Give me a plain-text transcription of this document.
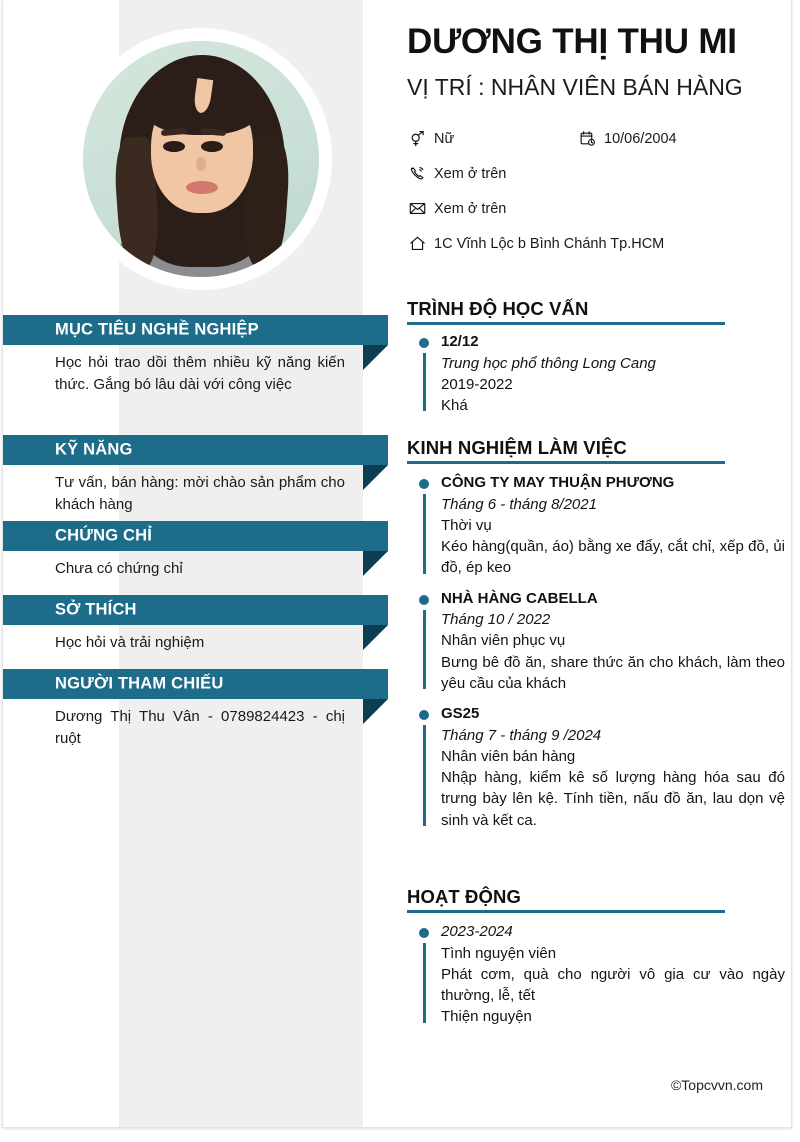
DƯƠNG THỊ THU MI
VỊ TRÍ : NHÂN VIÊN BÁN HÀNG
Nữ	10/06/2004
Xem ở trên
Xem ở trên
1C Vĩnh Lộc b Bình Chánh Tp.HCM
MỤC TIÊU NGHỀ NGHIỆP
Học hỏi trao dồi thêm nhiều kỹ năng kiến thức. Gắng bó lâu dài với công việc
KỸ NĂNG
Tư vấn, bán hàng: mời chào sản phẩm cho khách hàng
CHỨNG CHỈ
Chưa có chứng chỉ
SỞ THÍCH
Học hỏi và trải nghiệm
NGƯỜI THAM CHIẾU
Dương Thị Thu Vân - 0789824423 - chị ruột
TRÌNH ĐỘ HỌC VẤN
12/12
Trung học phổ thông Long Cang
2019-2022
Khá
KINH NGHIỆM LÀM VIỆC
CÔNG TY MAY THUẬN PHƯƠNG
Tháng 6 - tháng 8/2021
Thời vụ
Kéo hàng(quần, áo) bằng xe đẩy, cắt chỉ, xếp đồ, ủi đồ, ép keo
NHÀ HÀNG CABELLA
Tháng 10 / 2022
Nhân viên phục vụ
Bưng bê đồ ăn, share thức ăn cho khách, làm theo yêu cầu của khách
GS25
Tháng 7 - tháng 9 /2024
Nhân viên bán hàng
Nhập hàng, kiểm kê số lượng hàng hóa sau đó trưng bày lên kệ. Tính tiền, nấu đồ ăn, lau dọn vệ sinh và kết ca.
HOẠT ĐỘNG
2023-2024
Tình nguyện viên
Phát cơm, quà cho người vô gia cư vào ngày thường, lễ, tết
Thiện nguyện
©Topcvvn.com
